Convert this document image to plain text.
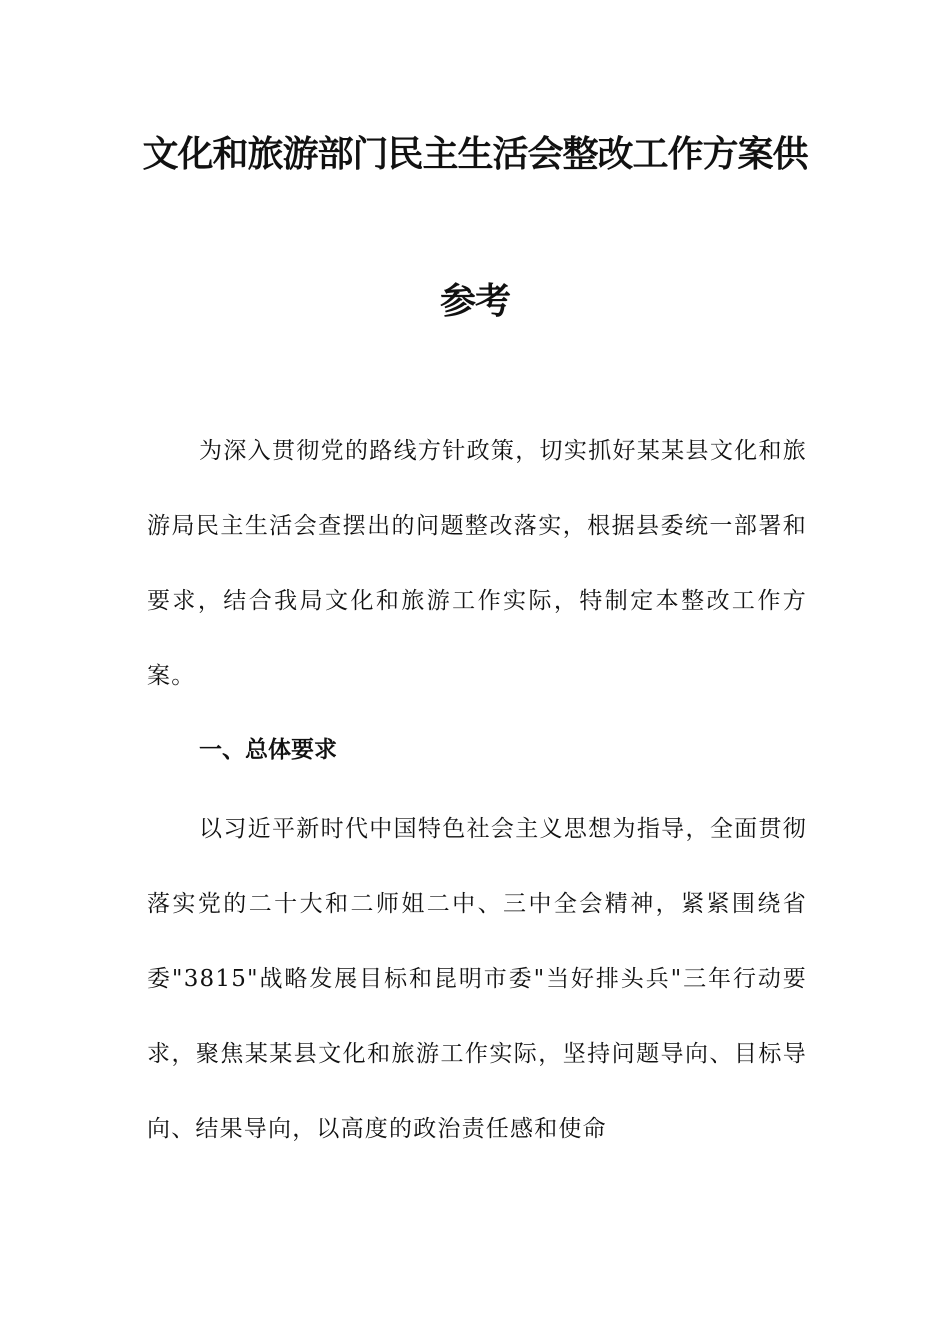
文化和旅游部门民主生活会整改工作方案供
参考

为深入贯彻党的路线方针政策，切实抓好某某县文化和旅游局民主生活会查摆出的问题整改落实，根据县委统一部署和要求，结合我局文化和旅游工作实际，特制定本整改工作方案。

一、总体要求

以习近平新时代中国特色社会主义思想为指导，全面贯彻落实党的二十大和二师姐二中、三中全会精神，紧紧围绕省委"3815"战略发展目标和昆明市委"当好排头兵"三年行动要求，聚焦某某县文化和旅游工作实际，坚持问题导向、目标导向、结果导向，以高度的政治责任感和使命
